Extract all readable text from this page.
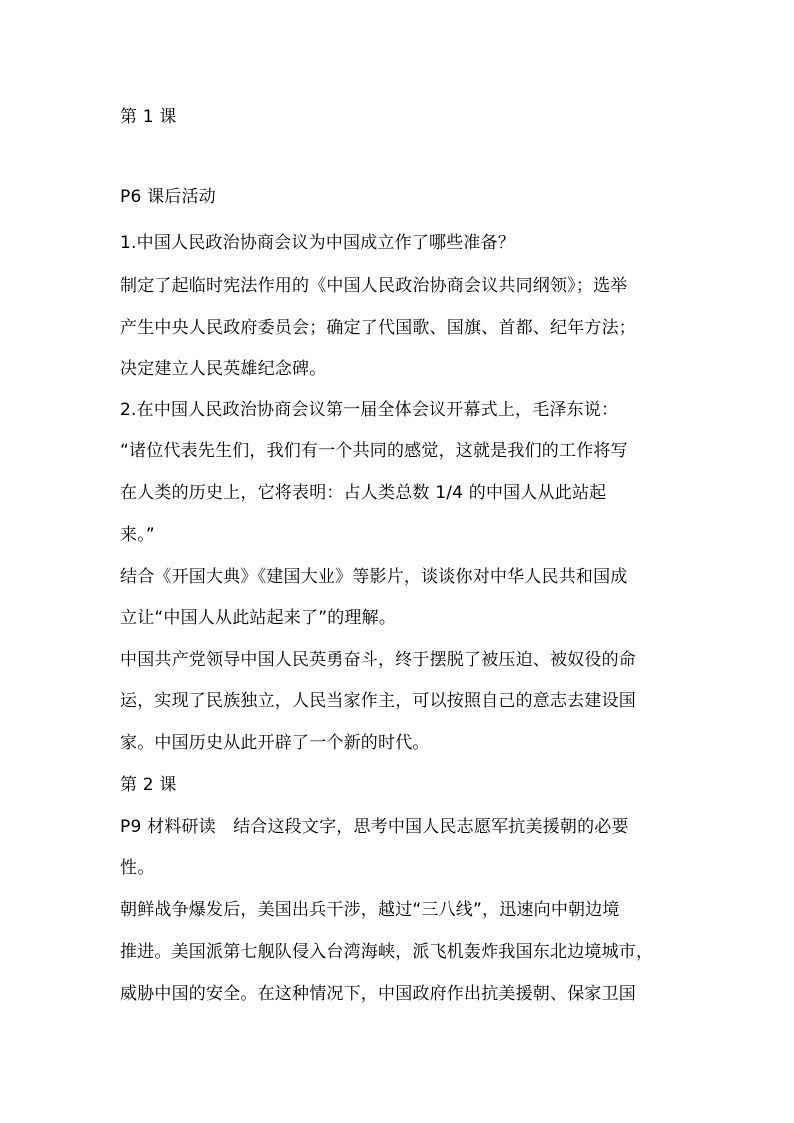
第 1 课
P6 课后活动
1.中国人民政治协商会议为中国成立作了哪些准备？
制定了起临时宪法作用的《中国人民政治协商会议共同纲领》；选举
产生中央人民政府委员会；确定了代国歌、国旗、首都、纪年方法；
决定建立人民英雄纪念碑。
2.在中国人民政治协商会议第一届全体会议开幕式上，毛泽东说：
“诸位代表先生们，我们有一个共同的感觉，这就是我们的工作将写
在人类的历史上，它将表明：占人类总数 1/4 的中国人从此站起
来。”
结合《开国大典》《建国大业》等影片，谈谈你对中华人民共和国成
立让“中国人从此站起来了”的理解。
中国共产党领导中国人民英勇奋斗，终于摆脱了被压迫、被奴役的命
运，实现了民族独立，人民当家作主，可以按照自己的意志去建设国
家。中国历史从此开辟了一个新的时代。
第 2 课
P9 材料研读　结合这段文字，思考中国人民志愿军抗美援朝的必要
性。
朝鲜战争爆发后，美国出兵干涉，越过“三八线”，迅速向中朝边境
推进。美国派第七舰队侵入台湾海峡，派飞机轰炸我国东北边境城市，
威胁中国的安全。在这种情况下，中国政府作出抗美援朝、保家卫国
